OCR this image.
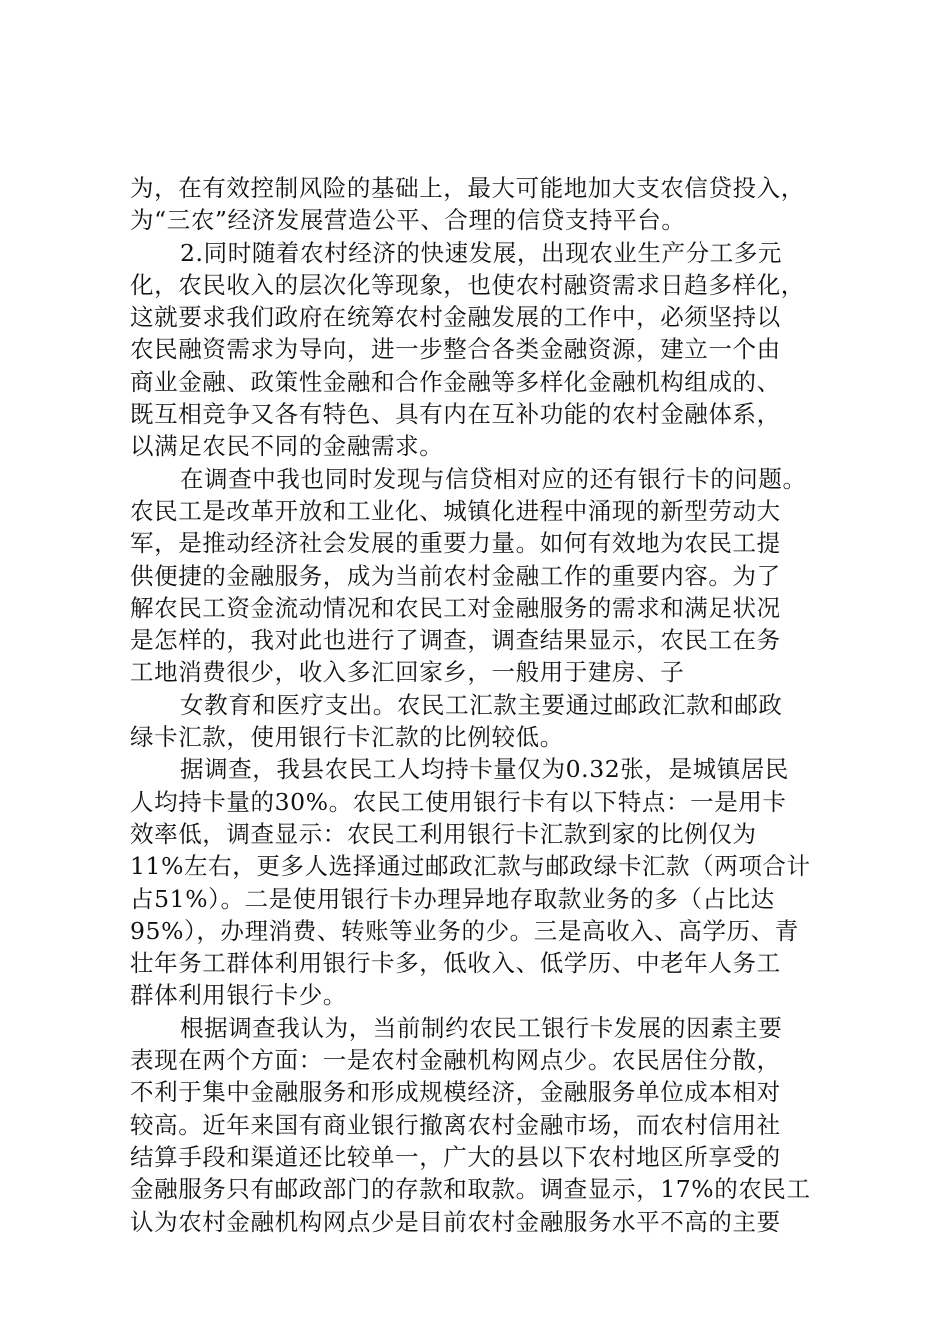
为，在有效控制风险的基础上，最大可能地加大支农信贷投入，
为“三农”经济发展营造公平、合理的信贷支持平台。
2.同时随着农村经济的快速发展，出现农业生产分工多元
化，农民收入的层次化等现象，也使农村融资需求日趋多样化，
这就要求我们政府在统筹农村金融发展的工作中，必须坚持以
农民融资需求为导向，进一步整合各类金融资源，建立一个由
商业金融、政策性金融和合作金融等多样化金融机构组成的、
既互相竞争又各有特色、具有内在互补功能的农村金融体系，
以满足农民不同的金融需求。
在调查中我也同时发现与信贷相对应的还有银行卡的问题。
农民工是改革开放和工业化、城镇化进程中涌现的新型劳动大
军，是推动经济社会发展的重要力量。如何有效地为农民工提
供便捷的金融服务，成为当前农村金融工作的重要内容。为了
解农民工资金流动情况和农民工对金融服务的需求和满足状况
是怎样的，我对此也进行了调查，调查结果显示，农民工在务
工地消费很少，收入多汇回家乡，一般用于建房、子
女教育和医疗支出。农民工汇款主要通过邮政汇款和邮政
绿卡汇款，使用银行卡汇款的比例较低。
据调查，我县农民工人均持卡量仅为0.32张，是城镇居民
人均持卡量的30%。农民工使用银行卡有以下特点：一是用卡
效率低，调查显示：农民工利用银行卡汇款到家的比例仅为
11%左右，更多人选择通过邮政汇款与邮政绿卡汇款（两项合计
占51%）。二是使用银行卡办理异地存取款业务的多（占比达
95%），办理消费、转账等业务的少。三是高收入、高学历、青
壮年务工群体利用银行卡多，低收入、低学历、中老年人务工
群体利用银行卡少。
根据调查我认为，当前制约农民工银行卡发展的因素主要
表现在两个方面：一是农村金融机构网点少。农民居住分散，
不利于集中金融服务和形成规模经济，金融服务单位成本相对
较高。近年来国有商业银行撤离农村金融市场，而农村信用社
结算手段和渠道还比较单一，广大的县以下农村地区所享受的
金融服务只有邮政部门的存款和取款。调查显示，17%的农民工
认为农村金融机构网点少是目前农村金融服务水平不高的主要
